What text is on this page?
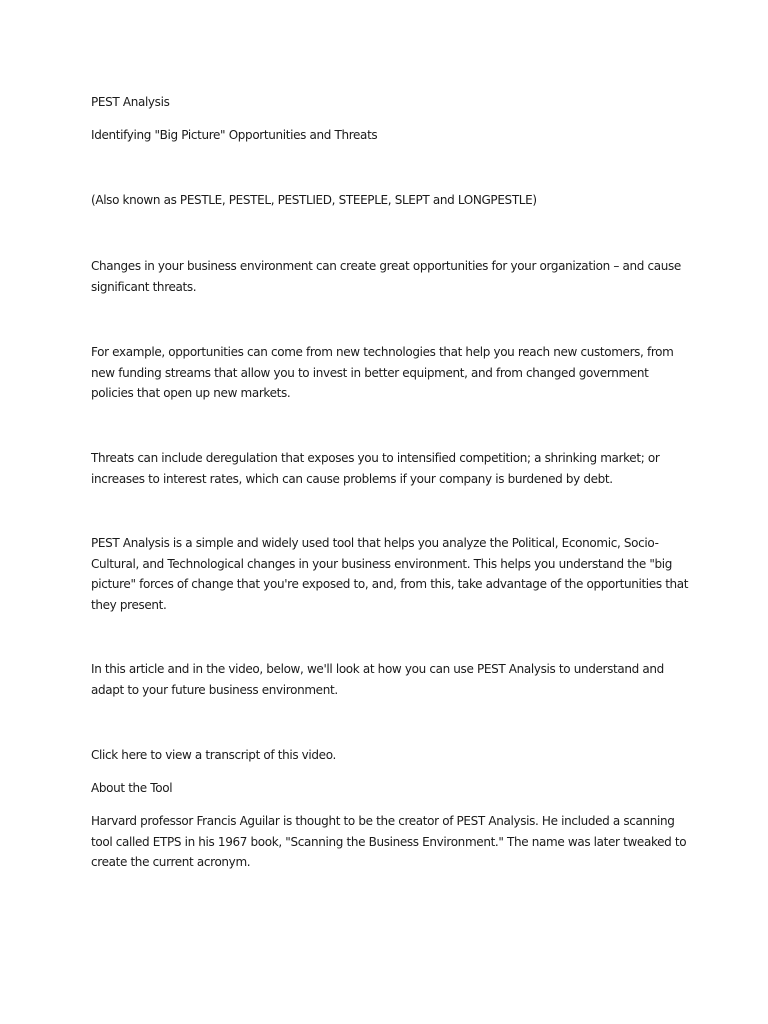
PEST Analysis

Identifying "Big Picture" Opportunities and Threats

(Also known as PESTLE, PESTEL, PESTLIED, STEEPLE, SLEPT and LONGPESTLE)

Changes in your business environment can create great opportunities for your organization – and cause significant threats.

For example, opportunities can come from new technologies that help you reach new customers, from new funding streams that allow you to invest in better equipment, and from changed government policies that open up new markets.

Threats can include deregulation that exposes you to intensified competition; a shrinking market; or increases to interest rates, which can cause problems if your company is burdened by debt.

PEST Analysis is a simple and widely used tool that helps you analyze the Political, Economic, Socio-Cultural, and Technological changes in your business environment. This helps you understand the "big picture" forces of change that you're exposed to, and, from this, take advantage of the opportunities that they present.

In this article and in the video, below, we'll look at how you can use PEST Analysis to understand and adapt to your future business environment.

Click here to view a transcript of this video.

About the Tool

Harvard professor Francis Aguilar is thought to be the creator of PEST Analysis. He included a scanning tool called ETPS in his 1967 book, "Scanning the Business Environment." The name was later tweaked to create the current acronym.
